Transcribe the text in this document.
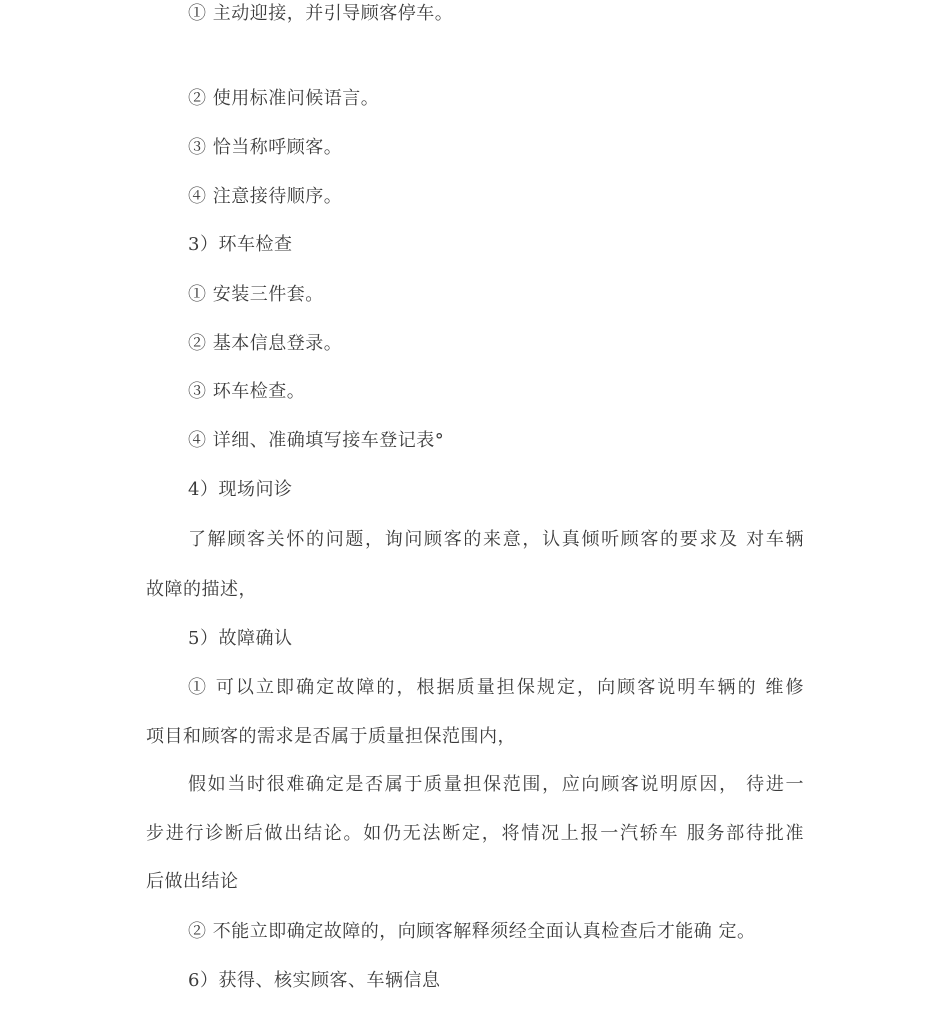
① 主动迎接，并引导顾客停车。
② 使用标准问候语言。
③ 恰当称呼顾客。
④ 注意接待顺序。
3）环车检查
① 安装三件套。
② 基本信息登录。
③ 环车检查。
④ 详细、准确填写接车登记表°
4）现场问诊
了解顾客关怀的问题，询问顾客的来意，认真倾听顾客的要求及 对车辆
故障的描述，
5）故障确认
① 可以立即确定故障的，根据质量担保规定，向顾客说明车辆的 维修
项目和顾客的需求是否属于质量担保范围内，
假如当时很难确定是否属于质量担保范围，应向顾客说明原因， 待进一
步进行诊断后做出结论。如仍无法断定，将情况上报一汽轿车 服务部待批准
后做出结论
② 不能立即确定故障的，向顾客解释须经全面认真检查后才能确 定。
6）获得、核实顾客、车辆信息
